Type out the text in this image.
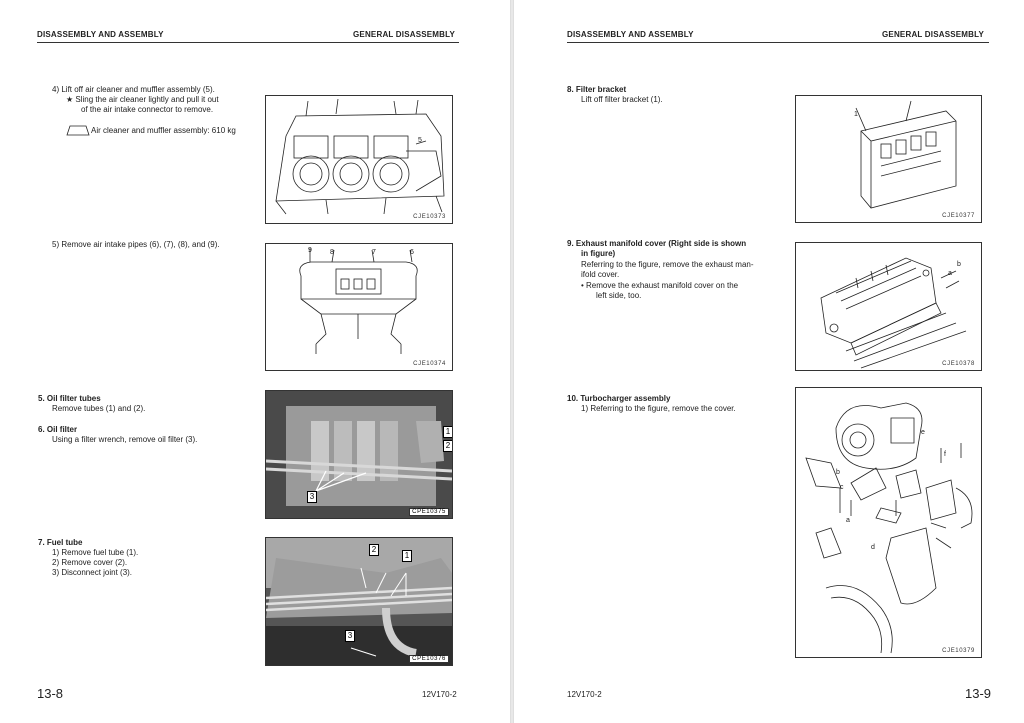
DISASSEMBLY AND ASSEMBLY	GENERAL DISASSEMBLY
4) Lift off air cleaner and muffler assembly (5).
★ Sling the air cleaner lightly and pull it out
of the air intake connector to remove.
Air cleaner and muffler assembly: 610 kg
5
CJE10373
5) Remove air intake pipes (6), (7), (8), and (9).
9	8	7	6
CJE10374
5. Oil filter tubes
Remove tubes (1) and (2).
6. Oil filter
Using a filter wrench, remove oil filter (3).
1
2
3
CPE10375
7. Fuel tube
1) Remove fuel tube (1).
2) Remove cover (2).
3) Disconnect joint (3).
2
1
3
CPE10376
13-8	12V170-2
DISASSEMBLY AND ASSEMBLY	GENERAL DISASSEMBLY
8. Filter bracket
Lift off filter bracket (1).
1
CJE10377
9. Exhaust manifold cover (Right side is shown
in figure)
Referring to the figure, remove the exhaust man-
ifold cover.
• Remove the exhaust manifold cover on the
left side, too.
a
b
CJE10378
10. Turbocharger assembly
1) Referring to the figure, remove the cover.
a
b
c
d
e
f
CJE10379
12V170-2	13-9
